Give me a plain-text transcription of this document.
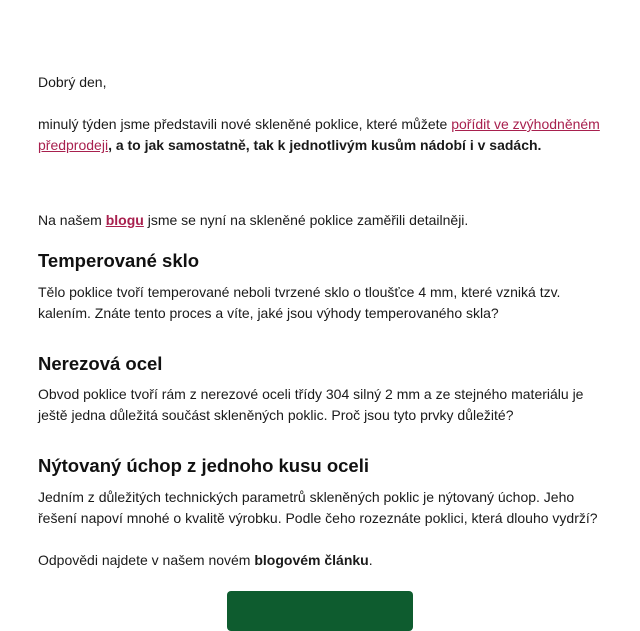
Dobrý den,

minulý týden jsme představili nové skleněné poklice, které můžete pořídit ve zvýhodněném předprodeji, a to jak samostatně, tak k jednotlivým kusům nádobí i v sadách.

Na našem blogu jsme se nyní na skleněné poklice zaměřili detailněji.

Temperované sklo

Tělo poklice tvoří temperované neboli tvrzené sklo o tloušťce 4 mm, které vzniká tzv. kalením. Znáte tento proces a víte, jaké jsou výhody temperovaného skla?

Nerezová ocel

Obvod poklice tvoří rám z nerezové oceli třídy 304 silný 2 mm a ze stejného materiálu je ještě jedna důležitá součást skleněných poklic. Proč jsou tyto prvky důležité?

Nýtovaný úchop z jednoho kusu oceli

Jedním z důležitých technických parametrů skleněných poklic je nýtovaný úchop. Jeho řešení napoví mnohé o kvalitě výrobku. Podle čeho rozeznáte poklici, která dlouho vydrží?

Odpovědi najdete v našem novém blogovém článku.
